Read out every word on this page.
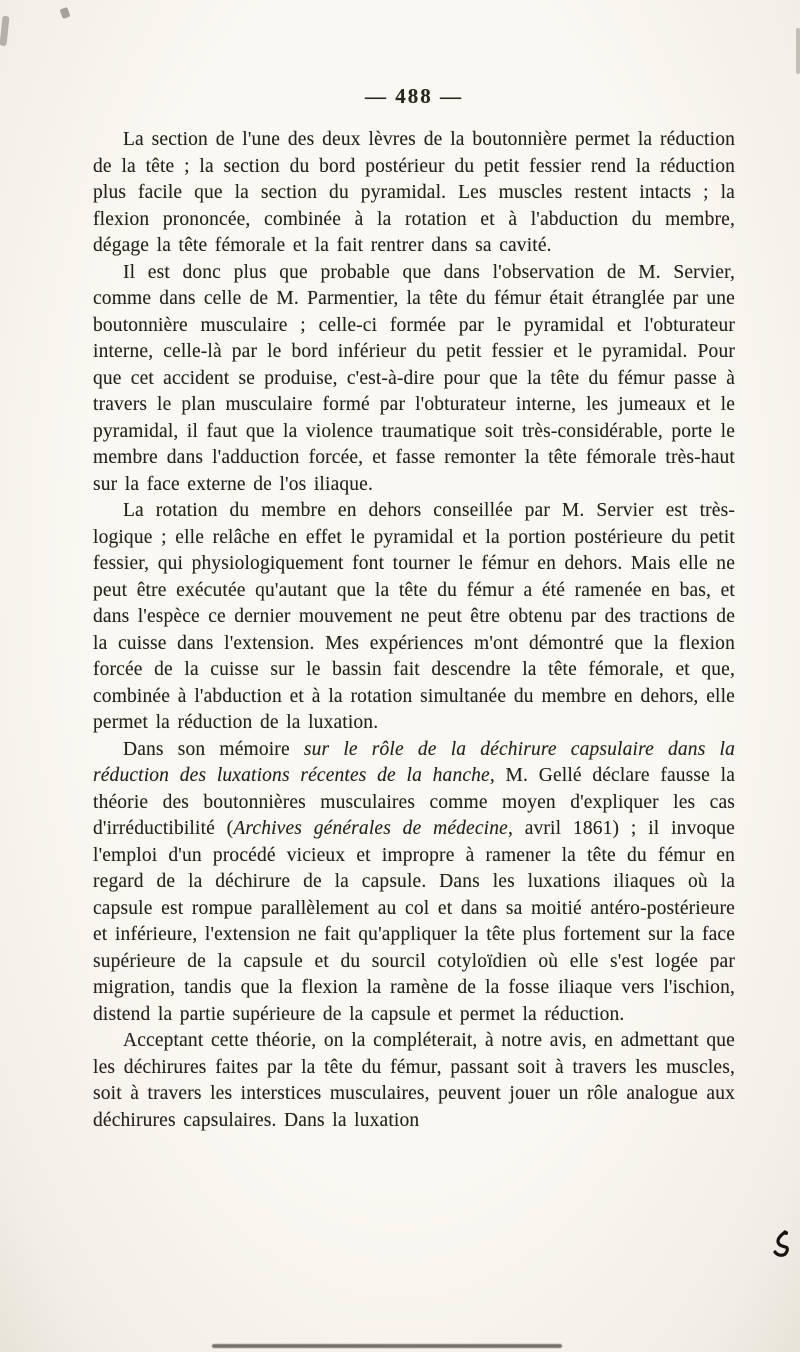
— 488 —

La section de l'une des deux lèvres de la boutonnière permet la réduction de la tête ; la section du bord postérieur du petit fessier rend la réduction plus facile que la section du pyramidal. Les muscles restent intacts ; la flexion prononcée, combinée à la rotation et à l'abduction du membre, dégage la tête fémorale et la fait rentrer dans sa cavité.

Il est donc plus que probable que dans l'observation de M. Servier, comme dans celle de M. Parmentier, la tête du fémur était étranglée par une boutonnière musculaire ; celle-ci formée par le pyramidal et l'obturateur interne, celle-là par le bord inférieur du petit fessier et le pyramidal. Pour que cet accident se produise, c'est-à-dire pour que la tête du fémur passe à travers le plan musculaire formé par l'obturateur interne, les jumeaux et le pyramidal, il faut que la violence traumatique soit très-considérable, porte le membre dans l'adduction forcée, et fasse remonter la tête fémorale très-haut sur la face externe de l'os iliaque.

La rotation du membre en dehors conseillée par M. Servier est très-logique ; elle relâche en effet le pyramidal et la portion postérieure du petit fessier, qui physiologiquement font tourner le fémur en dehors. Mais elle ne peut être exécutée qu'autant que la tête du fémur a été ramenée en bas, et dans l'espèce ce dernier mouvement ne peut être obtenu par des tractions de la cuisse dans l'extension. Mes expériences m'ont démontré que la flexion forcée de la cuisse sur le bassin fait descendre la tête fémorale, et que, combinée à l'abduction et à la rotation simultanée du membre en dehors, elle permet la réduction de la luxation.

Dans son mémoire sur le rôle de la déchirure capsulaire dans la réduction des luxations récentes de la hanche, M. Gellé déclare fausse la théorie des boutonnières musculaires comme moyen d'expliquer les cas d'irréductibilité (Archives générales de médecine, avril 1861) ; il invoque l'emploi d'un procédé vicieux et impropre à ramener la tête du fémur en regard de la déchirure de la capsule. Dans les luxations iliaques où la capsule est rompue parallèlement au col et dans sa moitié antéro-postérieure et inférieure, l'extension ne fait qu'appliquer la tête plus fortement sur la face supérieure de la capsule et du sourcil cotyloïdien où elle s'est logée par migration, tandis que la flexion la ramène de la fosse iliaque vers l'ischion, distend la partie supérieure de la capsule et permet la réduction.

Acceptant cette théorie, on la compléterait, à notre avis, en admettant que les déchirures faites par la tête du fémur, passant soit à travers les muscles, soit à travers les interstices musculaires, peuvent jouer un rôle analogue aux déchirures capsulaires. Dans la luxation
